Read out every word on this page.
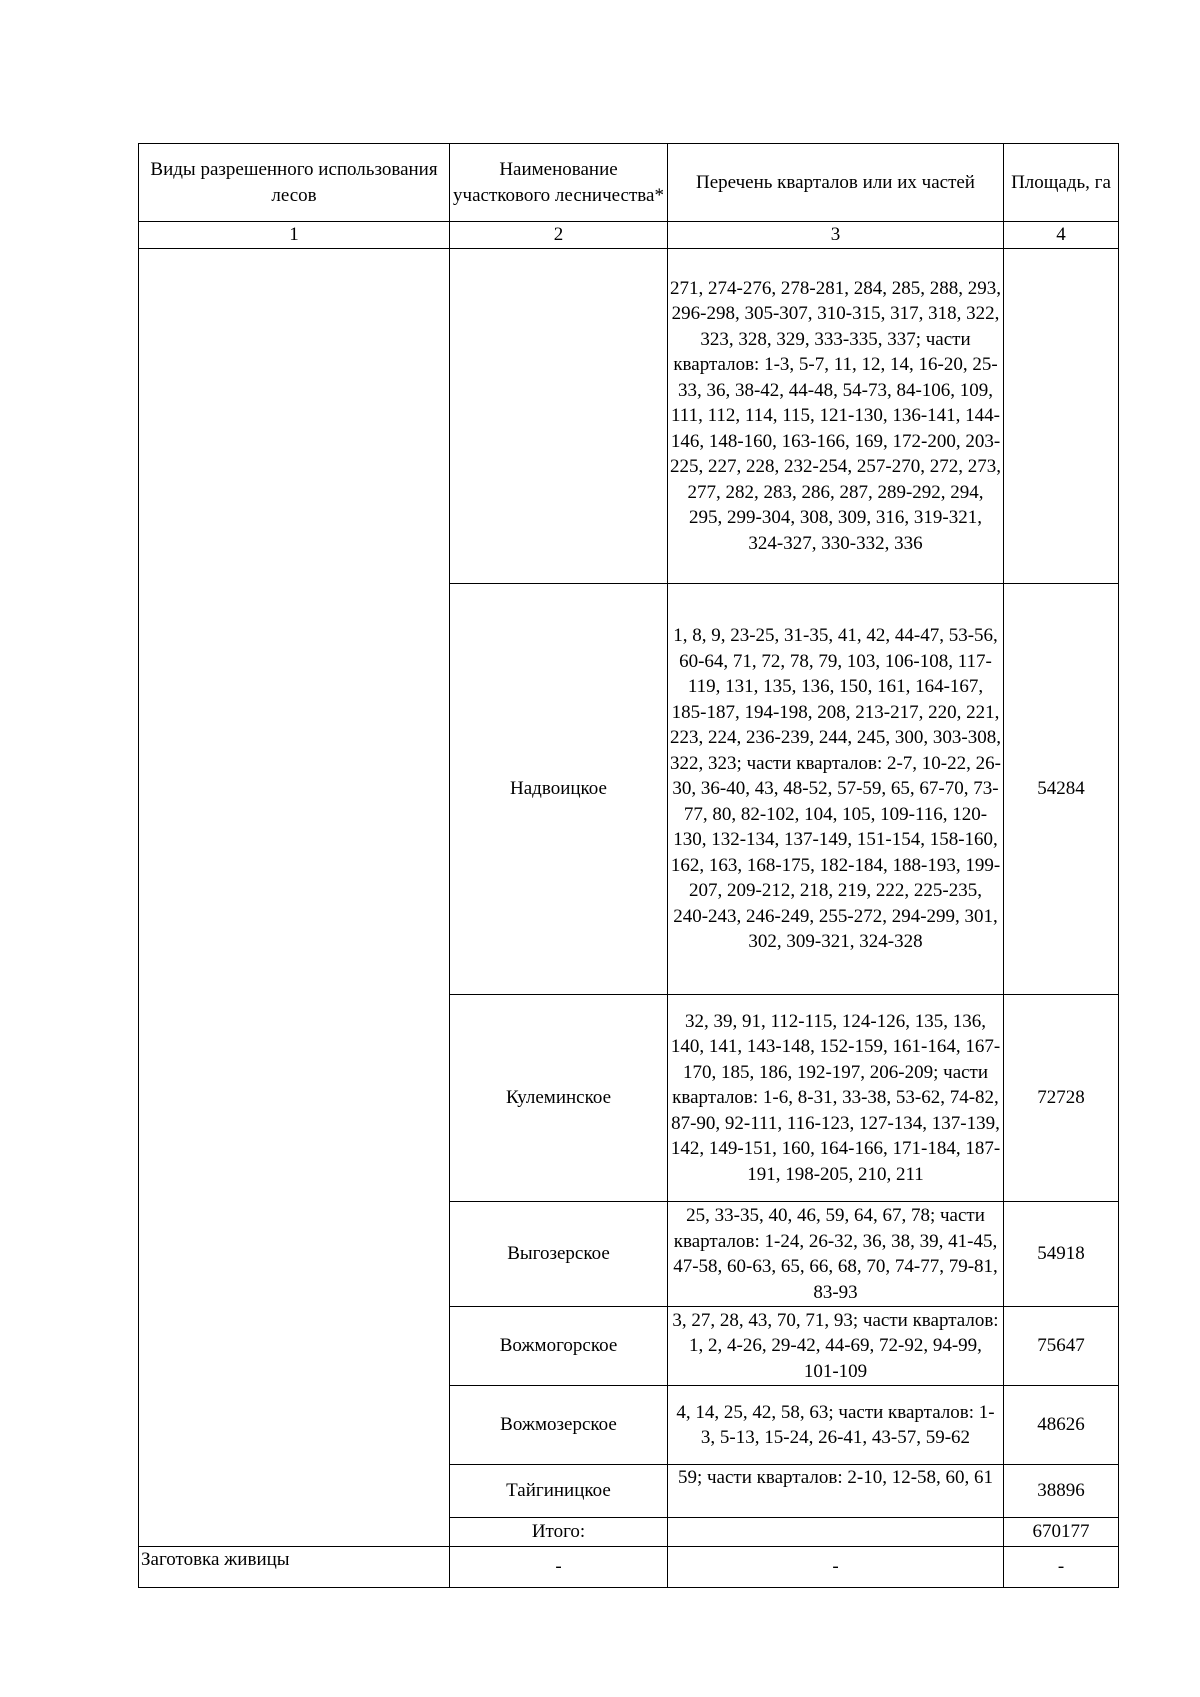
Виды разрешенного использования лесов	Наименование участкового лесничества*	Перечень кварталов или их частей	Площадь, га
1	2	3	4
		271, 274-276, 278-281, 284, 285, 288, 293, 296-298, 305-307, 310-315, 317, 318, 322, 323, 328, 329, 333-335, 337; части кварталов: 1-3, 5-7, 11, 12, 14, 16-20, 25-33, 36, 38-42, 44-48, 54-73, 84-106, 109, 111, 112, 114, 115, 121-130, 136-141, 144-146, 148-160, 163-166, 169, 172-200, 203-225, 227, 228, 232-254, 257-270, 272, 273, 277, 282, 283, 286, 287, 289-292, 294, 295, 299-304, 308, 309, 316, 319-321, 324-327, 330-332, 336	
	Надвоицкое	1, 8, 9, 23-25, 31-35, 41, 42, 44-47, 53-56, 60-64, 71, 72, 78, 79, 103, 106-108, 117-119, 131, 135, 136, 150, 161, 164-167, 185-187, 194-198, 208, 213-217, 220, 221, 223, 224, 236-239, 244, 245, 300, 303-308, 322, 323; части кварталов: 2-7, 10-22, 26-30, 36-40, 43, 48-52, 57-59, 65, 67-70, 73-77, 80, 82-102, 104, 105, 109-116, 120-130, 132-134, 137-149, 151-154, 158-160, 162, 163, 168-175, 182-184, 188-193, 199-207, 209-212, 218, 219, 222, 225-235, 240-243, 246-249, 255-272, 294-299, 301, 302, 309-321, 324-328	54284
	Кулеминское	32, 39, 91, 112-115, 124-126, 135, 136, 140, 141, 143-148, 152-159, 161-164, 167-170, 185, 186, 192-197, 206-209; части кварталов: 1-6, 8-31, 33-38, 53-62, 74-82, 87-90, 92-111, 116-123, 127-134, 137-139, 142, 149-151, 160, 164-166, 171-184, 187-191, 198-205, 210, 211	72728
	Выгозерское	25, 33-35, 40, 46, 59, 64, 67, 78; части кварталов: 1-24, 26-32, 36, 38, 39, 41-45, 47-58, 60-63, 65, 66, 68, 70, 74-77, 79-81, 83-93	54918
	Вожмогорское	3, 27, 28, 43, 70, 71, 93; части кварталов: 1, 2, 4-26, 29-42, 44-69, 72-92, 94-99, 101-109	75647
	Вожмозерское	4, 14, 25, 42, 58, 63; части кварталов: 1-3, 5-13, 15-24, 26-41, 43-57, 59-62	48626
	Тайгиницкое	59; части кварталов: 2-10, 12-58, 60, 61	38896
	Итого:		670177
Заготовка живицы	-	-	-
